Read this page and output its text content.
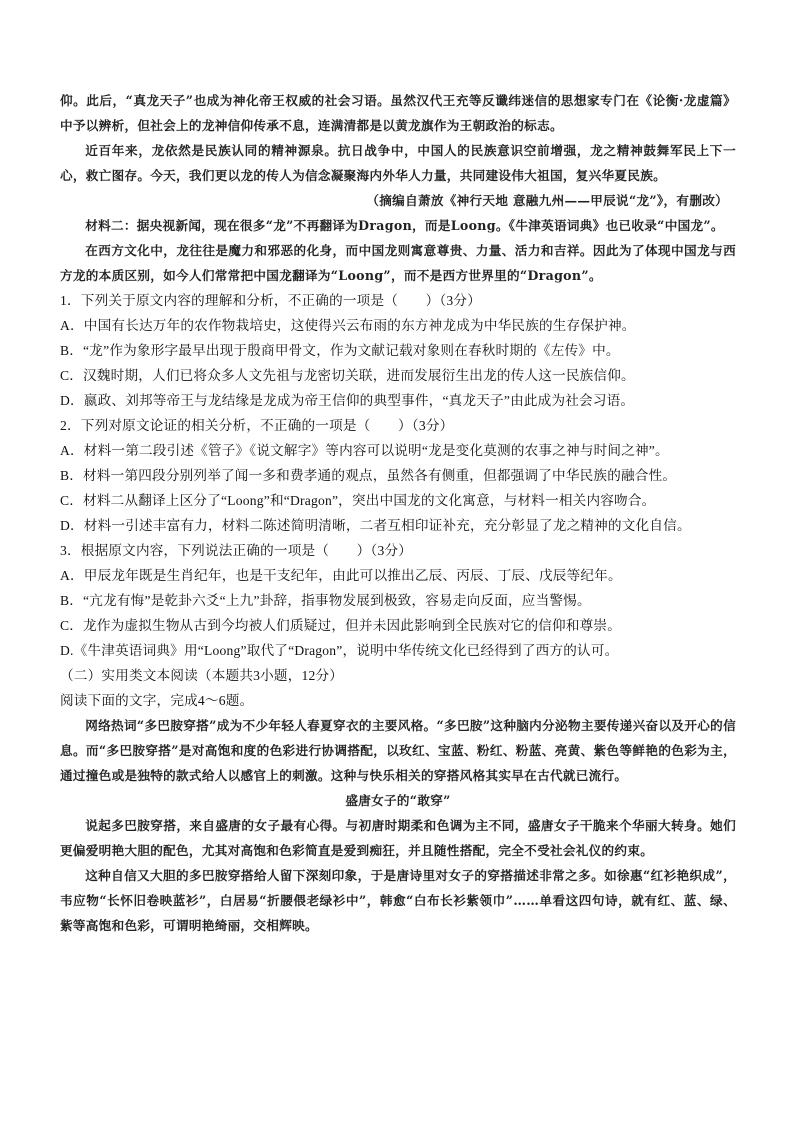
仰。此后，“真龙天子”也成为神化帝王权威的社会习语。虽然汉代王充等反谶纬迷信的思想家专门在《论衡·龙虚篇》中予以辨析，但社会上的龙神信仰传承不息，连满清都是以黄龙旗作为王朝政治的标志。

近百年来，龙依然是民族认同的精神源泉。抗日战争中，中国人的民族意识空前增强，龙之精神鼓舞军民上下一心，救亡图存。今天，我们更以龙的传人为信念凝聚海内外华人力量，共同建设伟大祖国，复兴华夏民族。

（摘编自萧放《神行天地 意融九州——甲辰说“龙”》，有删改）

材料二：据央视新闻，现在很多“龙”不再翻译为Dragon，而是Loong。《牛津英语词典》也已收录“中国龙”。

在西方文化中，龙往往是魔力和邪恶的化身，而中国龙则寓意尊贵、力量、活力和吉祥。因此为了体现中国龙与西方龙的本质区别，如今人们常常把中国龙翻译为“Loong”，而不是西方世界里的“Dragon”。

1．下列关于原文内容的理解和分析，不正确的一项是（　　）（3分）

A．中国有长达万年的农作物栽培史，这使得兴云布雨的东方神龙成为中华民族的生存保护神。

B．“龙”作为象形字最早出现于殷商甲骨文，作为文献记载对象则在春秋时期的《左传》中。

C．汉魏时期，人们已将众多人文先祖与龙密切关联，进而发展衍生出龙的传人这一民族信仰。

D．嬴政、刘邦等帝王与龙结缘是龙成为帝王信仰的典型事件，“真龙天子”由此成为社会习语。

2．下列对原文论证的相关分析，不正确的一项是（　　）（3分）

A．材料一第二段引述《管子》《说文解字》等内容可以说明“龙是变化莫测的农事之神与时间之神”。

B．材料一第四段分别列举了闻一多和费孝通的观点，虽然各有侧重，但都强调了中华民族的融合性。

C．材料二从翻译上区分了“Loong”和“Dragon”，突出中国龙的文化寓意，与材料一相关内容吻合。

D．材料一引述丰富有力，材料二陈述简明清晰，二者互相印证补充，充分彰显了龙之精神的文化自信。

3．根据原文内容，下列说法正确的一项是（　　）（3分）

A．甲辰龙年既是生肖纪年，也是干支纪年，由此可以推出乙辰、丙辰、丁辰、戊辰等纪年。

B．“亢龙有悔”是乾卦六爻“上九”卦辞，指事物发展到极致，容易走向反面，应当警惕。

C．龙作为虚拟生物从古到今均被人们质疑过，但并未因此影响到全民族对它的信仰和尊崇。

D.《牛津英语词典》用“Loong”取代了“Dragon”，说明中华传统文化已经得到了西方的认可。

（二）实用类文本阅读（本题共3小题，12分）

阅读下面的文字，完成4～6题。

网络热词“多巴胺穿搭”成为不少年轻人春夏穿衣的主要风格。“多巴胺”这种脑内分泌物主要传递兴奋以及开心的信息。而“多巴胺穿搭”是对高饱和度的色彩进行协调搭配，以玫红、宝蓝、粉红、粉蓝、亮黄、紫色等鲜艳的色彩为主，通过撞色或是独特的款式给人以感官上的刺激。这种与快乐相关的穿搭风格其实早在古代就已流行。

盛唐女子的“敢穿”

说起多巴胺穿搭，来自盛唐的女子最有心得。与初唐时期柔和色调为主不同，盛唐女子干脆来个华丽大转身。她们更偏爱明艳大胆的配色，尤其对高饱和色彩简直是爱到痴狂，并且随性搭配，完全不受社会礼仪的约束。

这种自信又大胆的多巴胺穿搭给人留下深刻印象，于是唐诗里对女子的穿搭描述非常之多。如徐惠“红衫艳织成”，韦应物“长怀旧卷映蓝衫”，白居易“折腰偎老绿衫中”，韩愈“白布长衫紫领巾”……单看这四句诗，就有红、蓝、绿、紫等高饱和色彩，可谓明艳绮丽，交相辉映。
